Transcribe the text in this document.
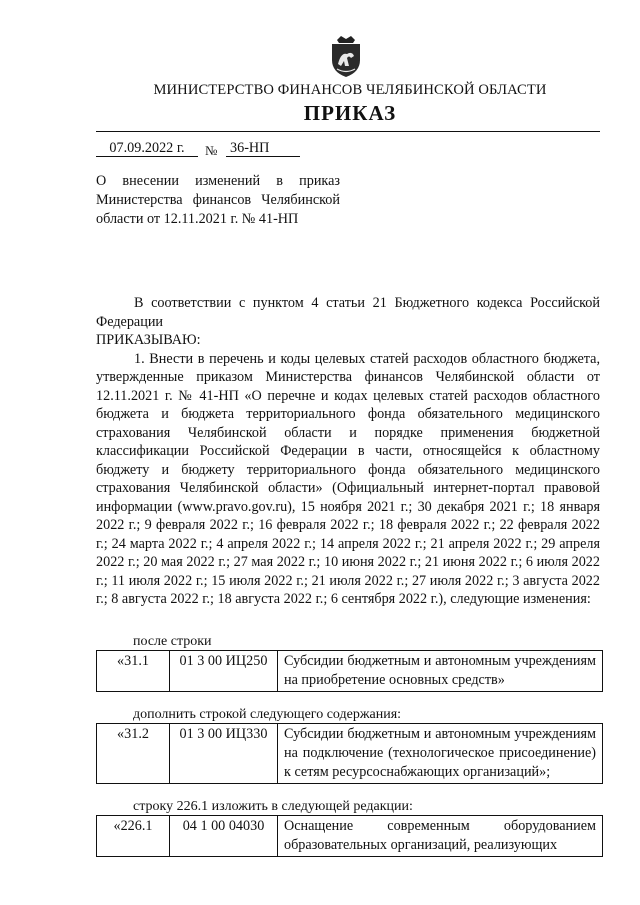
МИНИСТЕРСТВО ФИНАНСОВ ЧЕЛЯБИНСКОЙ ОБЛАСТИ
ПРИКАЗ
07.09.2022 г.	№ 36-НП
О внесении изменений в приказ Министерства финансов Челябинской области от 12.11.2021 г. № 41-НП
В соответствии с пунктом 4 статьи 21 Бюджетного кодекса Российской Федерации
ПРИКАЗЫВАЮ:
1. Внести в перечень и коды целевых статей расходов областного бюджета, утвержденные приказом Министерства финансов Челябинской области от 12.11.2021 г. № 41-НП «О перечне и кодах целевых статей расходов областного бюджета и бюджета территориального фонда обязательного медицинского страхования Челябинской области и порядке применения бюджетной классификации Российской Федерации в части, относящейся к областному бюджету и бюджету территориального фонда обязательного медицинского страхования Челябинской области» (Официальный интернет-портал правовой информации (www.pravo.gov.ru), 15 ноября 2021 г.; 30 декабря 2021 г.; 18 января 2022 г.; 9 февраля 2022 г.; 16 февраля 2022 г.; 18 февраля 2022 г.; 22 февраля 2022 г.; 24 марта 2022 г.; 4 апреля 2022 г.; 14 апреля 2022 г.; 21 апреля 2022 г.; 29 апреля 2022 г.; 20 мая 2022 г.; 27 мая 2022 г.; 10 июня 2022 г.; 21 июня 2022 г.; 6 июля 2022 г.; 11 июля 2022 г.; 15 июля 2022 г.; 21 июля 2022 г.; 27 июля 2022 г.; 3 августа 2022 г.; 8 августа 2022 г.; 18 августа 2022 г.; 6 сентября 2022 г.), следующие изменения:
после строки
«31.1	01 3 00 ИЦ250	Субсидии бюджетным и автономным учреждениям на приобретение основных средств»
дополнить строкой следующего содержания:
«31.2	01 3 00 ИЦ330	Субсидии бюджетным и автономным учреждениям на подключение (технологическое присоединение) к сетям ресурсоснабжающих организаций»;
строку 226.1 изложить в следующей редакции:
«226.1	04 1 00 04030	Оснащение современным оборудованием образовательных организаций, реализующих
